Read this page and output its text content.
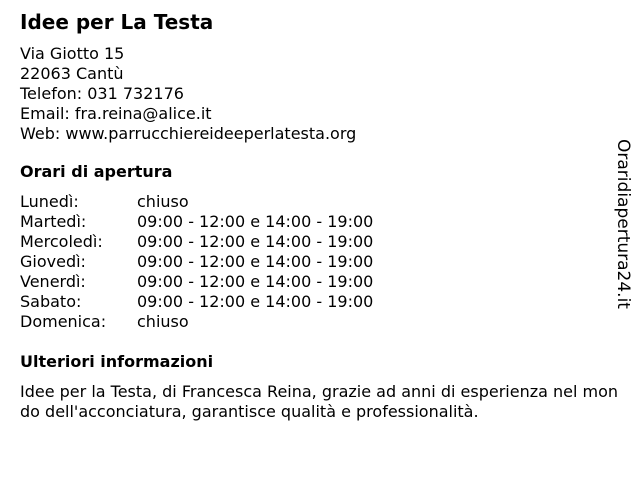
Idee per La Testa
Via Giotto 15
22063 Cantù
Telefon: 031 732176
Email: fra.reina@alice.it
Web: www.parrucchiereideeperlatesta.org
Orari di apertura
Lunedì:	chiuso
Martedì:	09:00 - 12:00 e 14:00 - 19:00
Mercoledì:	09:00 - 12:00 e 14:00 - 19:00
Giovedì:	09:00 - 12:00 e 14:00 - 19:00
Venerdì:	09:00 - 12:00 e 14:00 - 19:00
Sabato:	09:00 - 12:00 e 14:00 - 19:00
Domenica:	chiuso
Ulteriori informazioni
Idee per la Testa, di Francesca Reina, grazie ad anni di esperienza nel mondo dell'acconciatura, garantisce qualità e professionalità.
Oraridiapertura24.it
